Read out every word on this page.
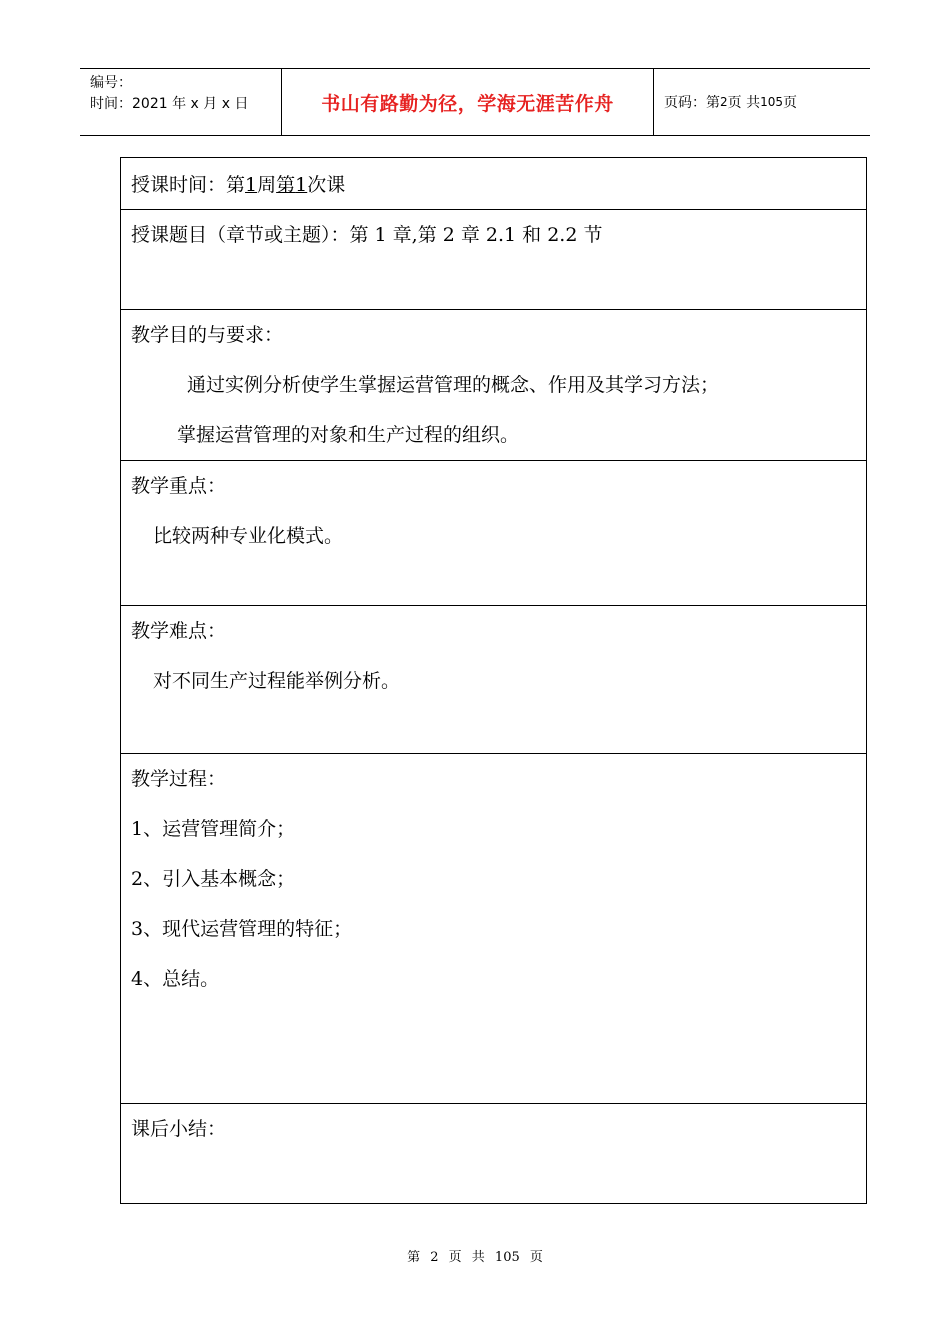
编号：
时间：2021 年 x 月 x 日	书山有路勤为径，学海无涯苦作舟	页码：第 2 页 共 105 页
授课时间：第1周第1次课
授课题目（章节或主题）：第 1 章,第 2 章 2.1 和 2.2 节
教学目的与要求：
通过实例分析使学生掌握运营管理的概念、作用及其学习方法；
掌握运营管理的对象和生产过程的组织。
教学重点：
比较两种专业化模式。
教学难点：
对不同生产过程能举例分析。
教学过程：
1、运营管理简介；
2、引入基本概念；
3、现代运营管理的特征；
4、总结。
课后小结：
第 2 页 共 105 页
